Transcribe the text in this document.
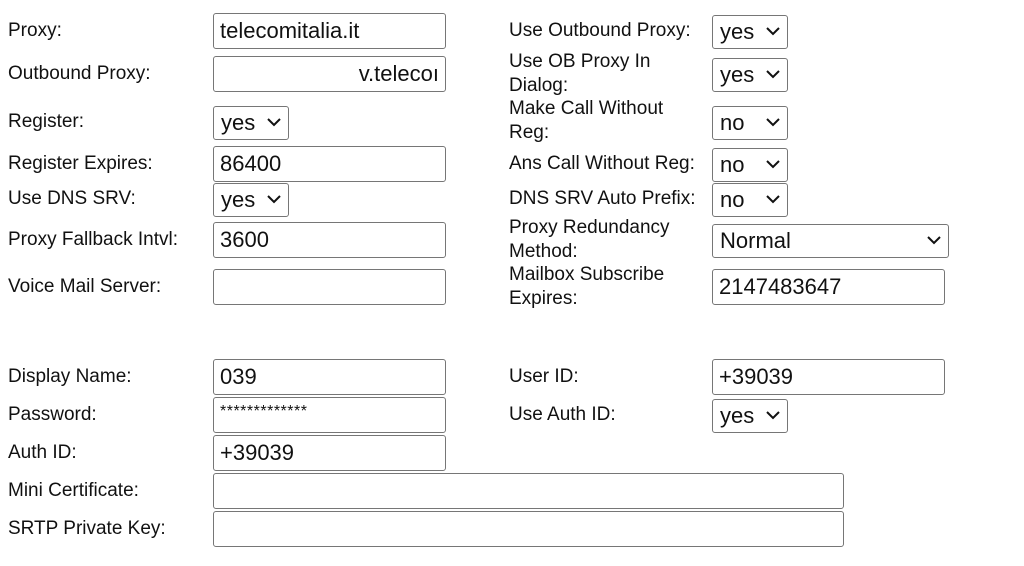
Proxy:	telecomitalia.it
Outbound Proxy:	v.telecoı
Register:	yes
Register Expires:	86400
Use DNS SRV:	yes
Proxy Fallback Intvl:	3600
Voice Mail Server:
Display Name:	039
Password:	*************
Auth ID:	+39039
Mini Certificate:
SRTP Private Key:
Use Outbound Proxy:	yes
Use OB Proxy In Dialog:	yes
Make Call Without Reg:	no
Ans Call Without Reg:	no
DNS SRV Auto Prefix:	no
Proxy Redundancy Method:	Normal
Mailbox Subscribe Expires:	2147483647
User ID:	+39039
Use Auth ID:	yes
